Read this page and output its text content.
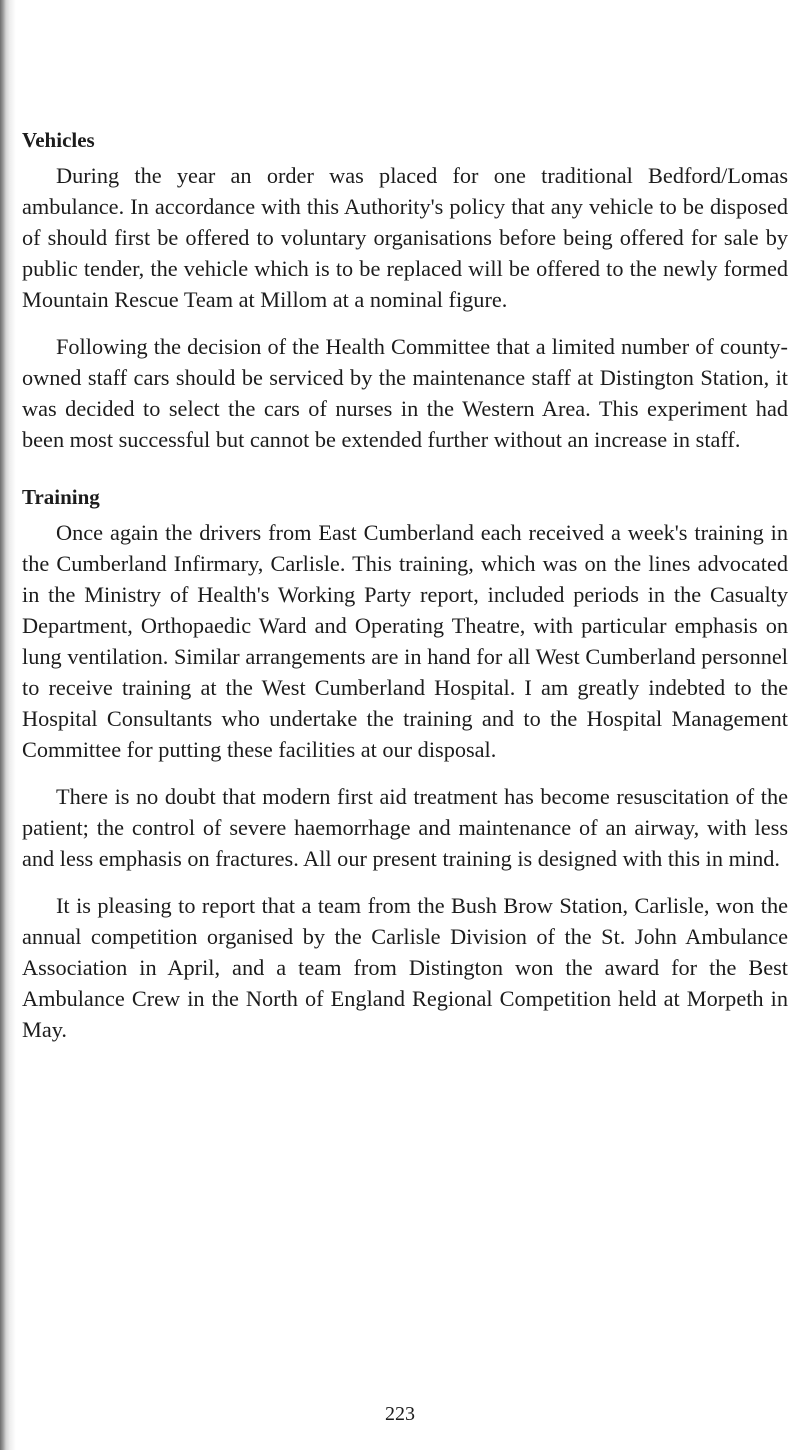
Vehicles

During the year an order was placed for one traditional Bedford/Lomas ambulance. In accordance with this Authority's policy that any vehicle to be disposed of should first be offered to voluntary organisations before being offered for sale by public tender, the vehicle which is to be replaced will be offered to the newly formed Mountain Rescue Team at Millom at a nominal figure.

Following the decision of the Health Committee that a limited number of county-owned staff cars should be serviced by the maintenance staff at Distington Station, it was decided to select the cars of nurses in the Western Area. This experiment had been most successful but cannot be extended further without an increase in staff.

Training

Once again the drivers from East Cumberland each received a week's training in the Cumberland Infirmary, Carlisle. This training, which was on the lines advocated in the Ministry of Health's Working Party report, included periods in the Casualty Department, Orthopaedic Ward and Operating Theatre, with particular emphasis on lung ventilation. Similar arrangements are in hand for all West Cumberland personnel to receive training at the West Cumberland Hospital. I am greatly indebted to the Hospital Consultants who undertake the training and to the Hospital Management Committee for putting these facilities at our disposal.

There is no doubt that modern first aid treatment has become resuscitation of the patient; the control of severe haemorrhage and maintenance of an airway, with less and less emphasis on fractures. All our present training is designed with this in mind.

It is pleasing to report that a team from the Bush Brow Station, Carlisle, won the annual competition organised by the Carlisle Division of the St. John Ambulance Association in April, and a team from Distington won the award for the Best Ambulance Crew in the North of England Regional Competition held at Morpeth in May.

223
